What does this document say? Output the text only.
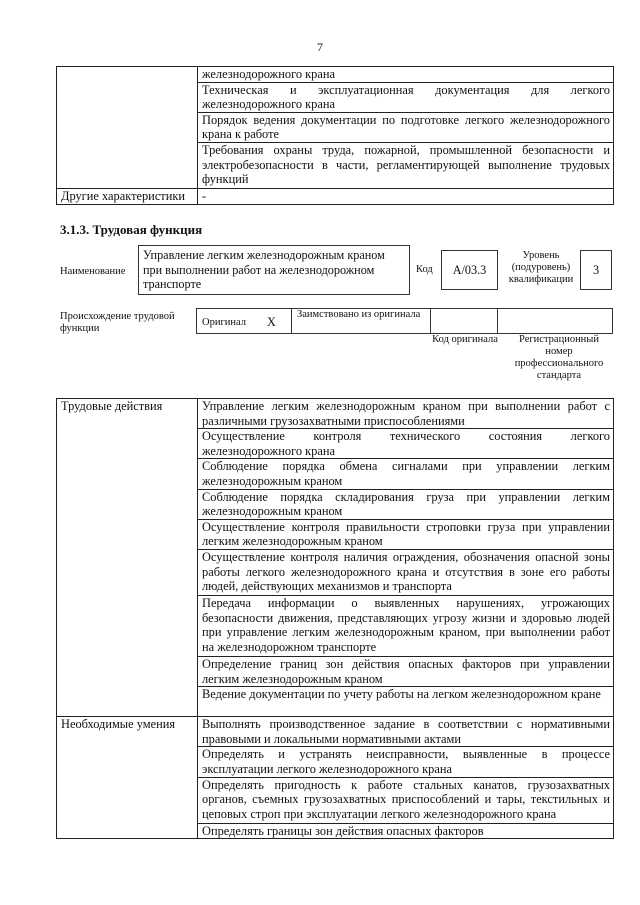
7
	железнодорожного крана
	Техническая и эксплуатационная документация для легкого железнодорожного крана
	Порядок ведения документации по подготовке легкого железнодорожного крана к работе
	Требования охраны труда, пожарной, промышленной безопасности и электробезопасности в части, регламентирующей выполнение трудовых функций
Другие характеристики	-
3.1.3. Трудовая функция
Наименование
Управление легким железнодорожным краном при выполнении работ на железнодорожном транспорте
Код	A/03.3
Уровень (подуровень) квалификации
3
Происхождение трудовой функции
Оригинал X
Заимствовано из оригинала
Код оригинала	Регистрационный номер профессионального стандарта
Трудовые действия	Управление легким железнодорожным краном при выполнении работ с различными грузозахватными приспособлениями
	Осуществление контроля технического состояния легкого железнодорожного крана
	Соблюдение порядка обмена сигналами при управлении легким железнодорожным краном
	Соблюдение порядка складирования груза при управлении легким железнодорожным краном
	Осуществление контроля правильности строповки груза при управлении легким железнодорожным краном
	Осуществление контроля наличия ограждения, обозначения опасной зоны работы легкого железнодорожного крана и отсутствия в зоне его работы людей, действующих механизмов и транспорта
	Передача информации о выявленных нарушениях, угрожающих безопасности движения, представляющих угрозу жизни и здоровью людей при управление легким железнодорожным краном, при выполнении работ на железнодорожном транспорте
	Определение границ зон действия опасных факторов при управлении легким железнодорожным краном
	Ведение документации по учету работы на легком железнодорожном кране
Необходимые умения	Выполнять производственное задание в соответствии с нормативными правовыми и локальными нормативными актами
	Определять и устранять неисправности, выявленные в процессе эксплуатации легкого железнодорожного крана
	Определять пригодность к работе стальных канатов, грузозахватных органов, съемных грузозахватных приспособлений и тары, текстильных и цеповых строп при эксплуатации легкого железнодорожного крана
	Определять границы зон действия опасных факторов
